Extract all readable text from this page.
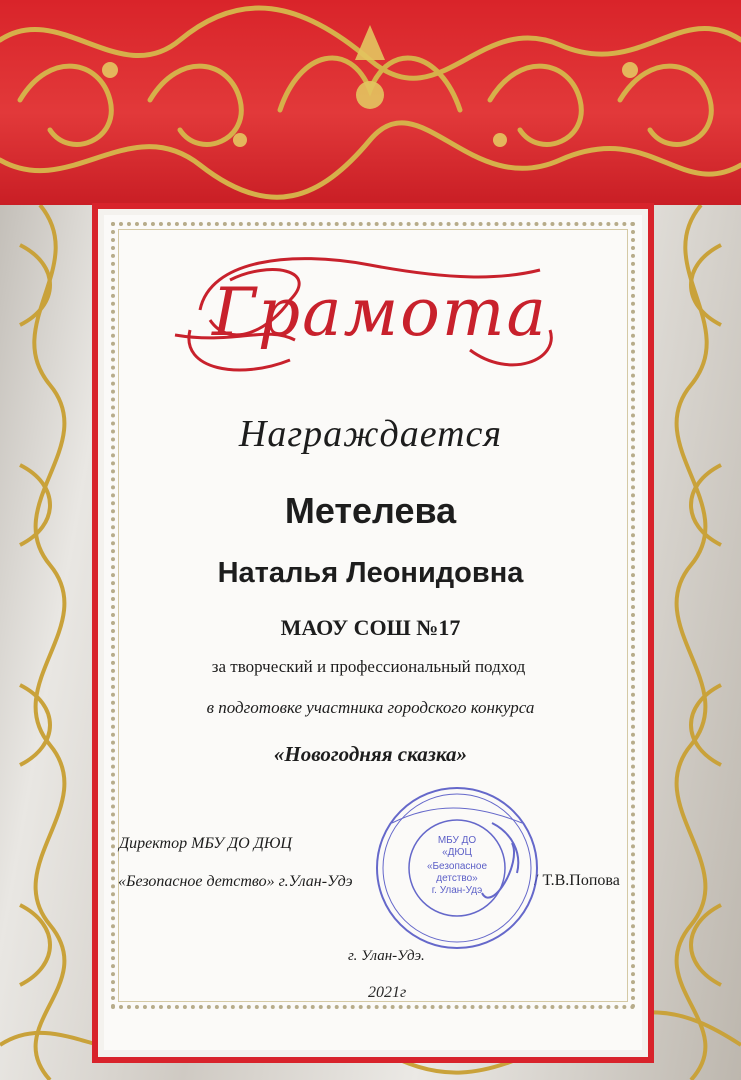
Грамота
Награждается
Метелева
Наталья Леонидовна
МАОУ СОШ №17
за творческий и профессиональный подход
в подготовке участника городского конкурса
«Новогодняя сказка»
Директор МБУ ДО ДЮЦ
«Безопасное детство» г.Улан-Удэ	/ Т.В.Попова
МБУ ДО
«ДЮЦ
«Безопасное
детство»
г. Улан-Удэ
г. Улан-Удэ.
2021г
